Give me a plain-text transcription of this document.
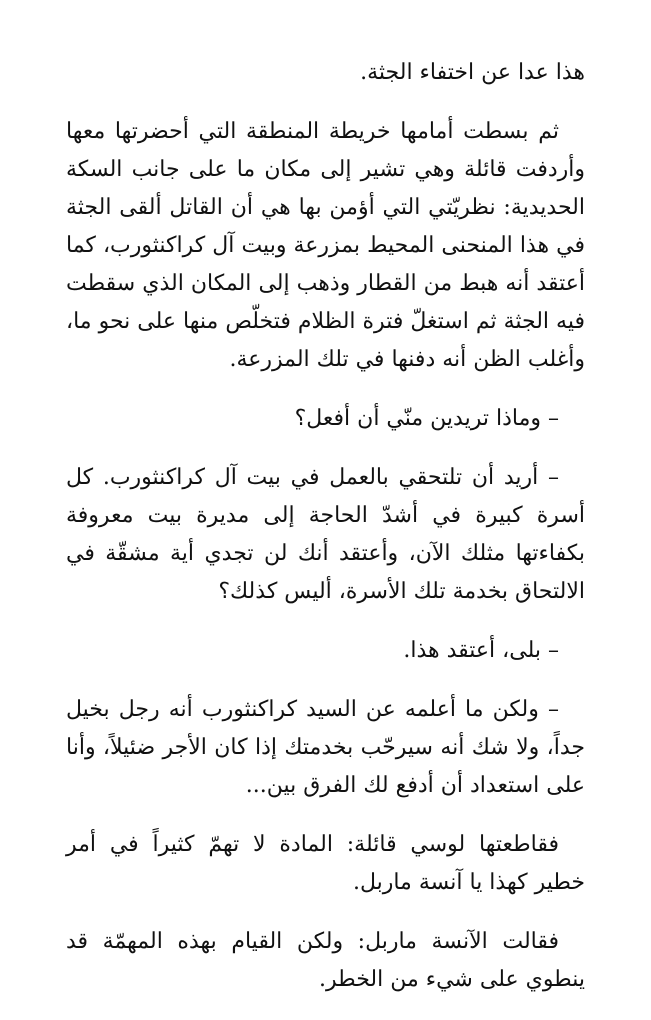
هذا عدا عن اختفاء الجثة.

ثم بسطت أمامها خريطة المنطقة التي أحضرتها معها وأردفت قائلة وهي تشير إلى مكان ما على جانب السكة الحديدية: نظريّتي التي أؤمن بها هي أن القاتل ألقى الجثة في هذا المنحنى المحيط بمزرعة وبيت آل كراكنثورب، كما أعتقد أنه هبط من القطار وذهب إلى المكان الذي سقطت فيه الجثة ثم استغلّ فترة الظلام فتخلّص منها على نحو ما، وأغلب الظن أنه دفنها في تلك المزرعة.

– وماذا تريدين منّي أن أفعل؟

– أريد أن تلتحقي بالعمل في بيت آل كراكنثورب. كل أسرة كبيرة في أشدّ الحاجة إلى مديرة بيت معروفة بكفاءتها مثلك الآن، وأعتقد أنك لن تجدي أية مشقّة في الالتحاق بخدمة تلك الأسرة، أليس كذلك؟

– بلى، أعتقد هذا.

– ولكن ما أعلمه عن السيد كراكنثورب أنه رجل بخيل جداً، ولا شك أنه سيرحّب بخدمتك إذا كان الأجر ضئيلاً، وأنا على استعداد أن أدفع لك الفرق بين...

فقاطعتها لوسي قائلة: المادة لا تهمّ كثيراً في أمر خطير كهذا يا آنسة ماربل.

فقالت الآنسة ماربل: ولكن القيام بهذه المهمّة قد ينطوي على شيء من الخطر.
